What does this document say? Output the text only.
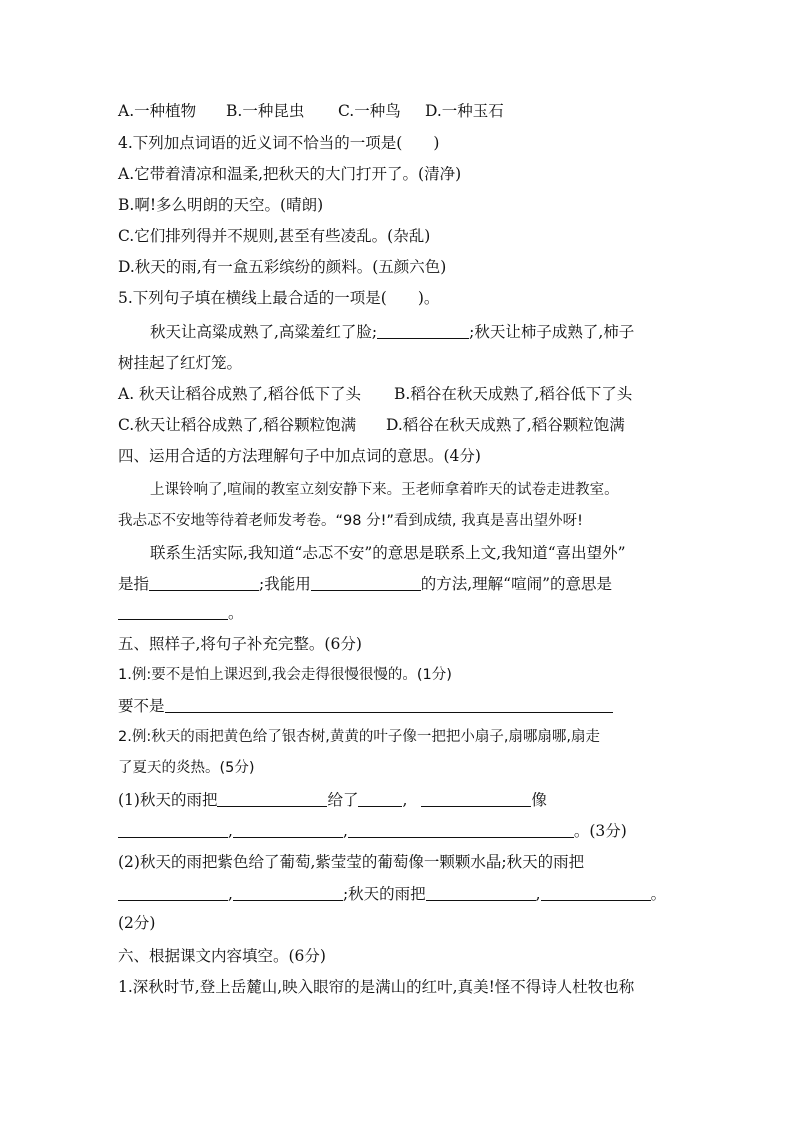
A.一种植物 B.一种昆虫 C.一种鸟 D.一种玉石
4.下列加点词语的近义词不恰当的一项是(　　)
A.它带着清凉和温柔,把秋天的大门打开了。(清净)
B.啊!多么明朗的天空。(晴朗)
C.它们排列得并不规则,甚至有些凌乱。(杂乱)
D.秋天的雨,有一盒五彩缤纷的颜料。(五颜六色)
5.下列句子填在横线上最合适的一项是(　　)。
秋天让高粱成熟了,高粱羞红了脸;	;秋天让柿子成熟了,柿子
树挂起了红灯笼。
A. 秋天让稻谷成熟了,稻谷低下了头 B.稻谷在秋天成熟了,稻谷低下了头
C.秋天让稻谷成熟了,稻谷颗粒饱满 D.稻谷在秋天成熟了,稻谷颗粒饱满
四、运用合适的方法理解句子中加点词的意思。(4分)
上课铃响了,喧闹的教室立刻安静下来。王老师拿着昨天的试卷走进教室。
我忐忑不安地等待着老师发考卷。“98 分!”看到成绩, 我真是喜出望外呀!
联系生活实际,我知道“忐忑不安”的意思是联系上文,我知道“喜出望外”
是指	;我能用	的方法,理解“喧闹”的意思是
。
五、照样子,将句子补充完整。(6分)
1.例:要不是怕上课迟到,我会走得很慢很慢的。(1分)
要不是
2.例:秋天的雨把黄色给了银杏树,黄黄的叶子像一把把小扇子,扇哪扇哪,扇走
了夏天的炎热。(5分)
(1)秋天的雨把	给了	,	像
,	,	。(3分)
(2)秋天的雨把紫色给了葡萄,紫莹莹的葡萄像一颗颗水晶;秋天的雨把
,	;秋天的雨把	,	。
(2分)
六、根据课文内容填空。(6分)
1.深秋时节,登上岳麓山,映入眼帘的是满山的红叶,真美!怪不得诗人杜牧也称
